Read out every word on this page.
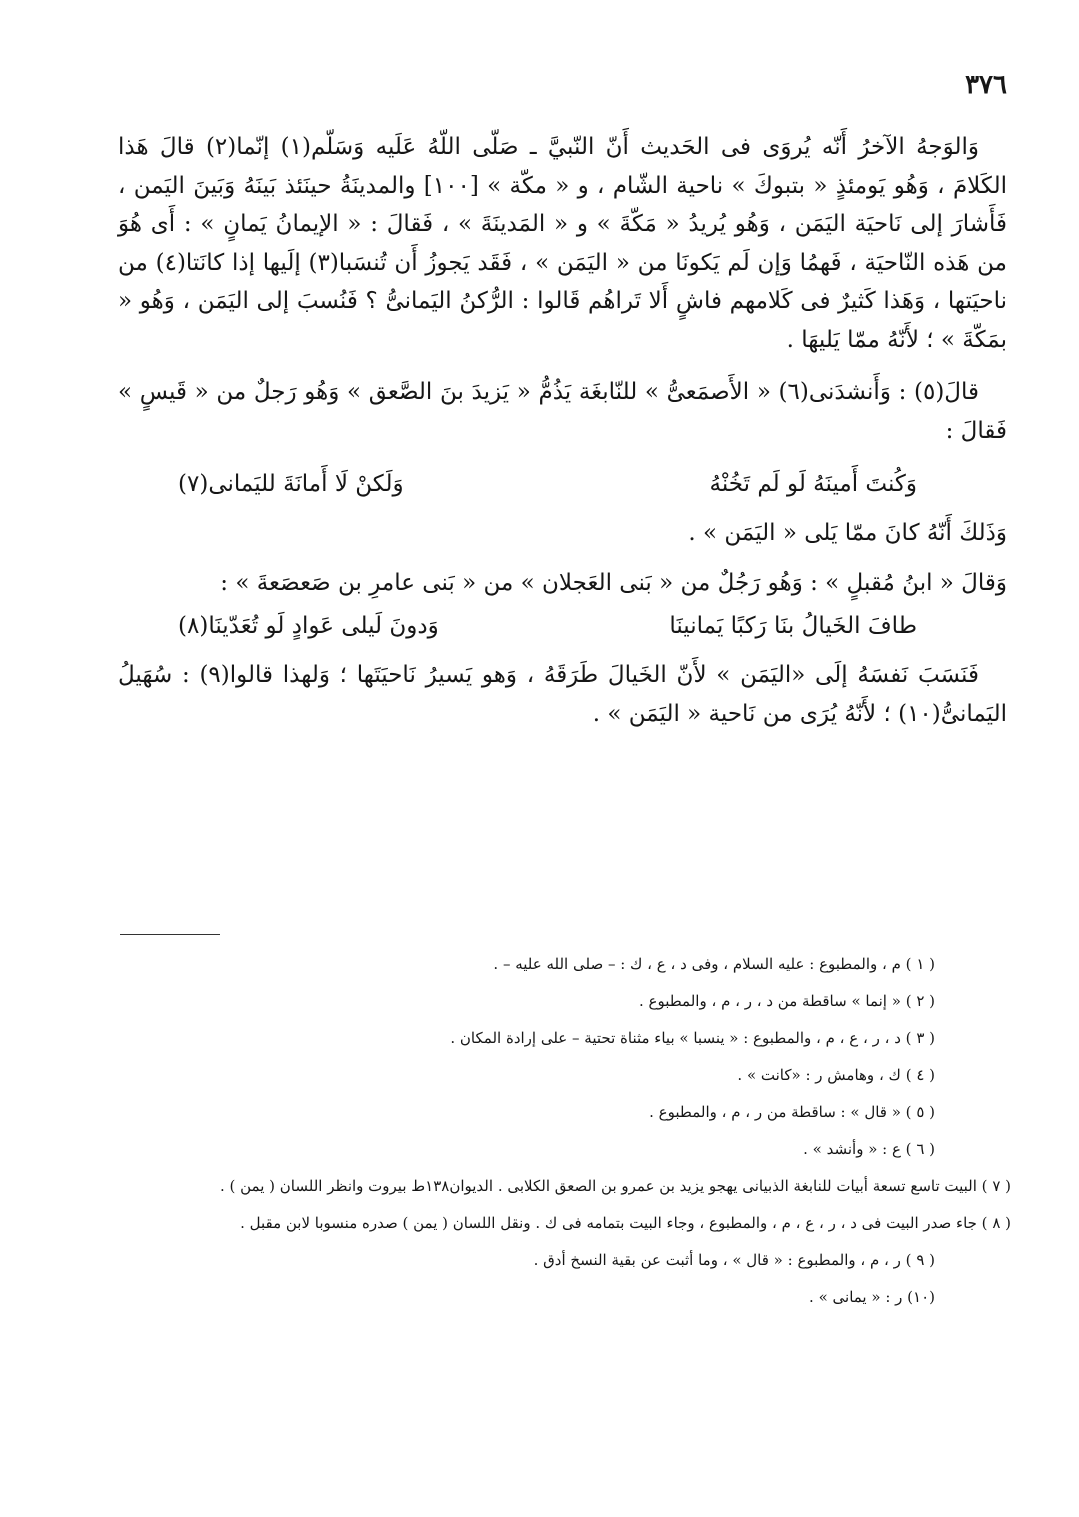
٣٧٦

وَالوَجهُ الآخرُ أَنّه يُروَى فى الحَديث أَنّ النّبيَّ ـ صَلّى اللّهُ عَلَيه وَسَلّم(١) إنّما(٢) قالَ هَذا الكَلامَ ، وَهُو يَومئذٍ « بتبوكَ » ناحية الشّام ، و « مكّة » [١٠٠] والمدينَةُ حينَئذ بَينَهُ وَبَينَ اليَمن ، فَأَشارَ إلى نَاحيَة اليَمَن ، وَهُو يُريدُ « مَكّةَ » و « المَدينَةَ » ، فَقالَ : « الإيمانُ يَمانٍ » : أَى هُوَ من هَذه النّاحيَة ، فَهمُا وَإن لَم يَكونَا من « اليَمَن » ، فَقَد يَجوزُ أَن تُنسَبا(٣) إلَيها إذا كانَتا(٤) من ناحيَتها ، وَهَذا كَثيرٌ فى كَلامهم فاشٍ أَلا تَراهُم قَالوا : الرُّكنُ اليَمانىُّ ؟ فَنُسبَ إلى اليَمَن ، وَهُو « بمَكّةَ » ؛ لأَنّهُ ممّا يَليهَا .

قالَ(٥) : وَأَنشدَنى(٦) « الأَصمَعىُّ » للنّابغَة يَذُمُّ « يَزيدَ بنَ الصَّعق » وَهُو رَجلٌ من « قَيسٍ » فَقالَ :

وَكُنتَ أَمينَهُ لَو لَم تَخُنْهُ
وَلَكنْ لَا أَمانَةَ لليَمانى(٧)

وَذَلكَ أَنّهُ كانَ ممّا يَلى « اليَمَن » .

وَقالَ « ابنُ مُقبلٍ » : وَهُو رَجُلٌ من « بَنى العَجلان » من « بَنى عامرِ بن صَعصَعةَ » :

طافَ الخَيالُ بنَا رَكبًا يَمانينَا
وَدونَ لَيلى عَوادٍ لَو تُعَدّينَا(٨)

فَنَسَبَ نَفسَهُ إلَى «اليَمَن » لأَنّ الخَيالَ طَرَقَهُ ، وَهو يَسيرُ نَاحيَتَها ؛ وَلهذا قالوا(٩) : سُهَيلُ اليَمانىُّ(١٠) ؛ لأَنّهُ يُرَى من نَاحية « اليَمَن » .

( ١ ) م ، والمطبوع : عليه السلام ، وفى د ، ع ، ك : – صلى الله عليه – .

( ٢ ) « إنما » ساقطة من د ، ر ، م ، والمطبوع .

( ٣ ) د ، ر ، ع ، م ، والمطبوع : « ينسبا » بياء مثناة تحتية – على إرادة المكان .

( ٤ ) ك ، وهامش ر : «كانت » .

( ٥ ) « قال » : ساقطة من ر ، م ، والمطبوع .

( ٦ ) ع : « وأنشد » .

( ٧ ) البيت تاسع تسعة أبيات للنابغة الذبيانى يهجو يزيد بن عمرو بن الصعق الكلابى . الديوان١٣٨ط بيروت وانظر اللسان ( يمن ) .

( ٨ ) جاء صدر البيت فى د ، ر ، ع ، م ، والمطبوع ، وجاء البيت بتمامه فى ك . ونقل اللسان ( يمن ) صدره منسوبا لابن مقبل .

( ٩ ) ر ، م ، والمطبوع : « قال » ، وما أثبت عن بقية النسخ أدق .

(١٠) ر : « يمانى » .
